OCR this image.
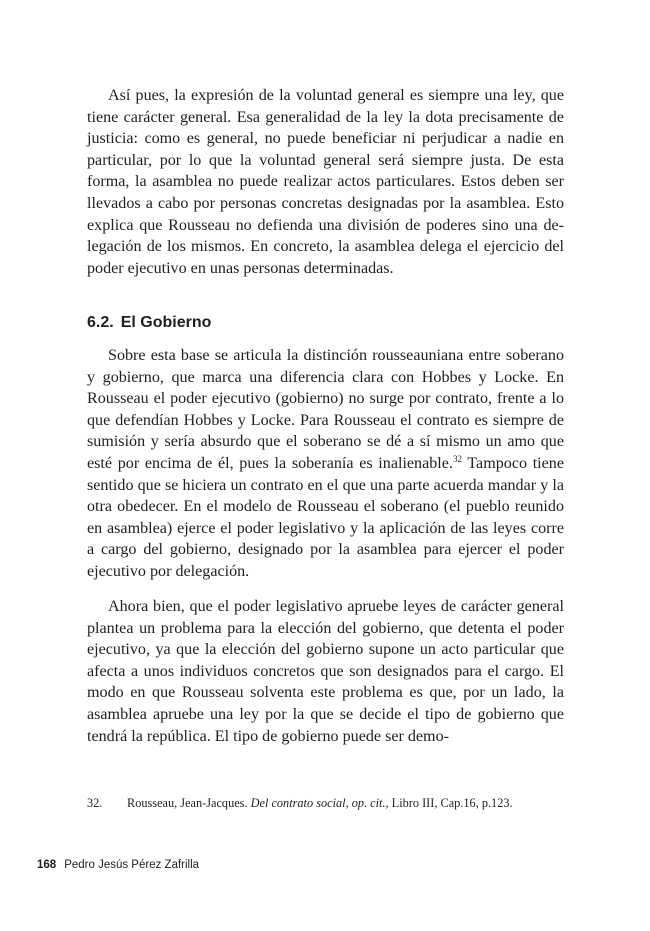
Así pues, la expresión de la voluntad general es siempre una ley, que tiene carácter general. Esa generalidad de la ley la dota precisamente de justicia: como es general, no puede beneficiar ni perjudicar a nadie en particular, por lo que la voluntad general será siempre justa. De esta forma, la asamblea no puede realizar actos particulares. Estos deben ser llevados a cabo por personas concretas designadas por la asamblea. Esto explica que Rousseau no defienda una división de poderes sino una delegación de los mismos. En concreto, la asamblea delega el ejercicio del poder ejecutivo en unas personas determinadas.

6.2. El Gobierno

Sobre esta base se articula la distinción rousseauniana entre soberano y gobierno, que marca una diferencia clara con Hobbes y Locke. En Rousseau el poder ejecutivo (gobierno) no surge por contrato, frente a lo que defendían Hobbes y Locke. Para Rousseau el contrato es siempre de sumisión y sería absurdo que el soberano se dé a sí mismo un amo que esté por encima de él, pues la soberanía es inalienable.$^{32}$ Tampoco tiene sentido que se hiciera un contrato en el que una parte acuerda mandar y la otra obedecer. En el modelo de Rousseau el soberano (el pueblo reunido en asamblea) ejerce el poder legislativo y la aplicación de las leyes corre a cargo del gobierno, designado por la asamblea para ejercer el poder ejecutivo por delegación.

Ahora bien, que el poder legislativo apruebe leyes de carácter general plantea un problema para la elección del gobierno, que detenta el poder ejecutivo, ya que la elección del gobierno supone un acto particular que afecta a unos individuos concretos que son designados para el cargo. El modo en que Rousseau solventa este problema es que, por un lado, la asamblea apruebe una ley por la que se decide el tipo de gobierno que tendrá la república. El tipo de gobierno puede ser demo-

32. Rousseau, Jean-Jacques. Del contrato social, op. cit., Libro III, Cap.16, p.123.
168 Pedro Jesús Pérez Zafrilla
